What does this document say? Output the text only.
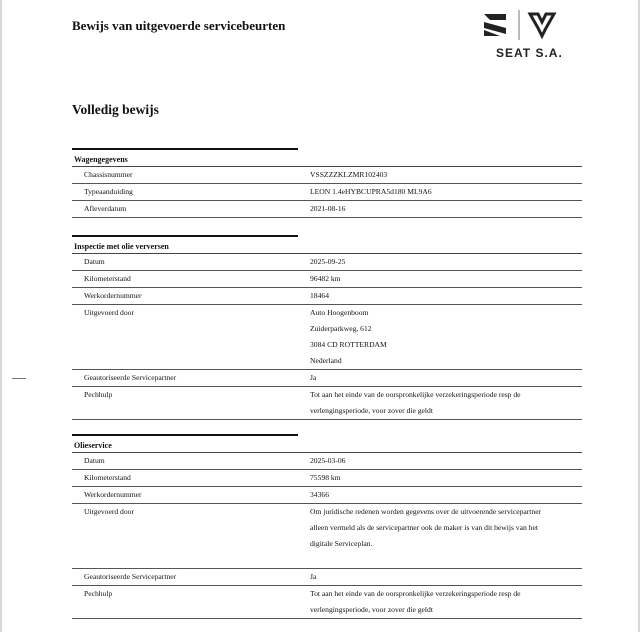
Bewijs van uitgevoerde servicebeurten
SEAT S.A.
Volledig bewijs
Wagengegevens
Chassisnummer	VSSZZZKLZMR102403
Typeaanduiding	LEON 1.4eHYBCUPRA5d180 ML9A6
Afleverdatum	2021-08-16
Inspectie met olie verversen
Datum	2025-09-25
Kilometerstand	96482 km
Werkordernummer	18464
Uitgevoerd door	Auto Hoogenboom
Zuiderparkweg, 612
3084 CD ROTTERDAM
Nederland
Geautoriseerde Servicepartner	Ja
Pechhulp	Tot aan het einde van de oorspronkelijke verzekeringsperiode resp de
verlengingsperiode, voor zover die geldt
Olieservice
Datum	2025-03-06
Kilometerstand	75598 km
Werkordernummer	34366
Uitgevoerd door	Om juridische redenen worden gegevens over de uitvoerende servicepartner
alleen vermeld als de servicepartner ook de maker is van dit bewijs van het
digitale Serviceplan.

Geautoriseerde Servicepartner	Ja
Pechhulp	Tot aan het einde van de oorspronkelijke verzekeringsperiode resp de
verlengingsperiode, voor zover die geldt
